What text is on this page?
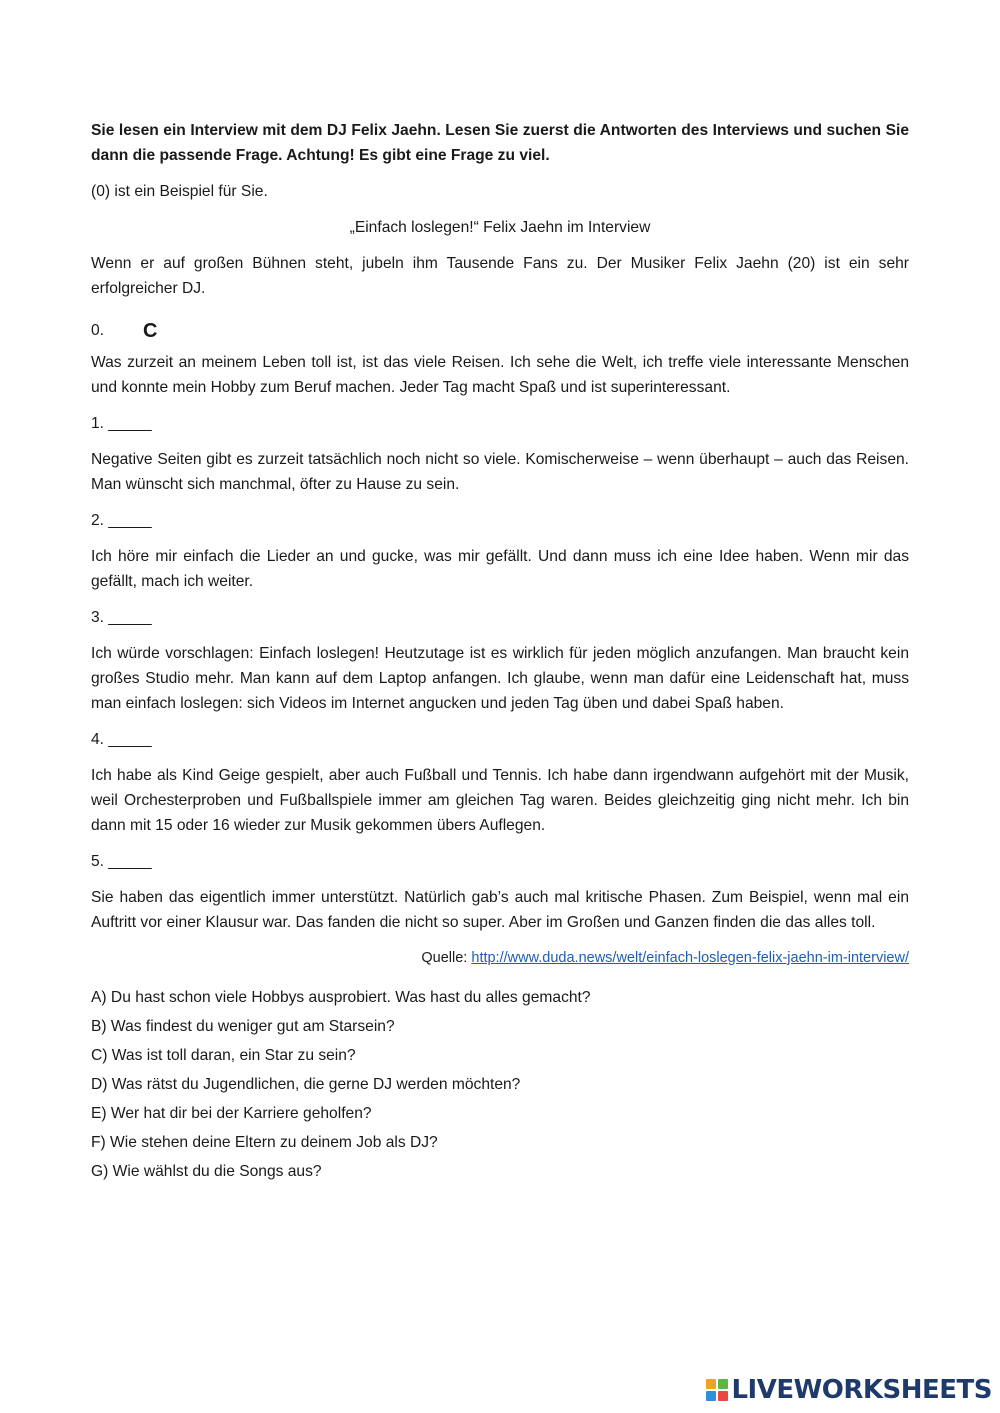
Sie lesen ein Interview mit dem DJ Felix Jaehn. Lesen Sie zuerst die Antworten des Interviews und suchen Sie dann die passende Frage. Achtung! Es gibt eine Frage zu viel.

(0) ist ein Beispiel für Sie.

„Einfach loslegen!“ Felix Jaehn im Interview

Wenn er auf großen Bühnen steht, jubeln ihm Tausende Fans zu. Der Musiker Felix Jaehn (20) ist ein sehr erfolgreicher DJ.

0.	C

Was zurzeit an meinem Leben toll ist, ist das viele Reisen. Ich sehe die Welt, ich treffe viele interessante Menschen und konnte mein Hobby zum Beruf machen. Jeder Tag macht Spaß und ist superinteressant.

1. _____

Negative Seiten gibt es zurzeit tatsächlich noch nicht so viele. Komischerweise – wenn überhaupt – auch das Reisen. Man wünscht sich manchmal, öfter zu Hause zu sein.

2. _____

Ich höre mir einfach die Lieder an und gucke, was mir gefällt. Und dann muss ich eine Idee haben. Wenn mir das gefällt, mach ich weiter.

3. _____

Ich würde vorschlagen: Einfach loslegen! Heutzutage ist es wirklich für jeden möglich anzufangen. Man braucht kein großes Studio mehr. Man kann auf dem Laptop anfangen. Ich glaube, wenn man dafür eine Leidenschaft hat, muss man einfach loslegen: sich Videos im Internet angucken und jeden Tag üben und dabei Spaß haben.

4. _____

Ich habe als Kind Geige gespielt, aber auch Fußball und Tennis. Ich habe dann irgendwann aufgehört mit der Musik, weil Orchesterproben und Fußballspiele immer am gleichen Tag waren. Beides gleichzeitig ging nicht mehr. Ich bin dann mit 15 oder 16 wieder zur Musik gekommen übers Auflegen.

5. _____

Sie haben das eigentlich immer unterstützt. Natürlich gab’s auch mal kritische Phasen. Zum Beispiel, wenn mal ein Auftritt vor einer Klausur war. Das fanden die nicht so super. Aber im Großen und Ganzen finden die das alles toll.

Quelle: http://www.duda.news/welt/einfach-loslegen-felix-jaehn-im-interview/

A) Du hast schon viele Hobbys ausprobiert. Was hast du alles gemacht?

B) Was findest du weniger gut am Starsein?

C) Was ist toll daran, ein Star zu sein?

D) Was rätst du Jugendlichen, die gerne DJ werden möchten?

E) Wer hat dir bei der Karriere geholfen?

F) Wie stehen deine Eltern zu deinem Job als DJ?

G) Wie wählst du die Songs aus?

LIVEWORKSHEETS
